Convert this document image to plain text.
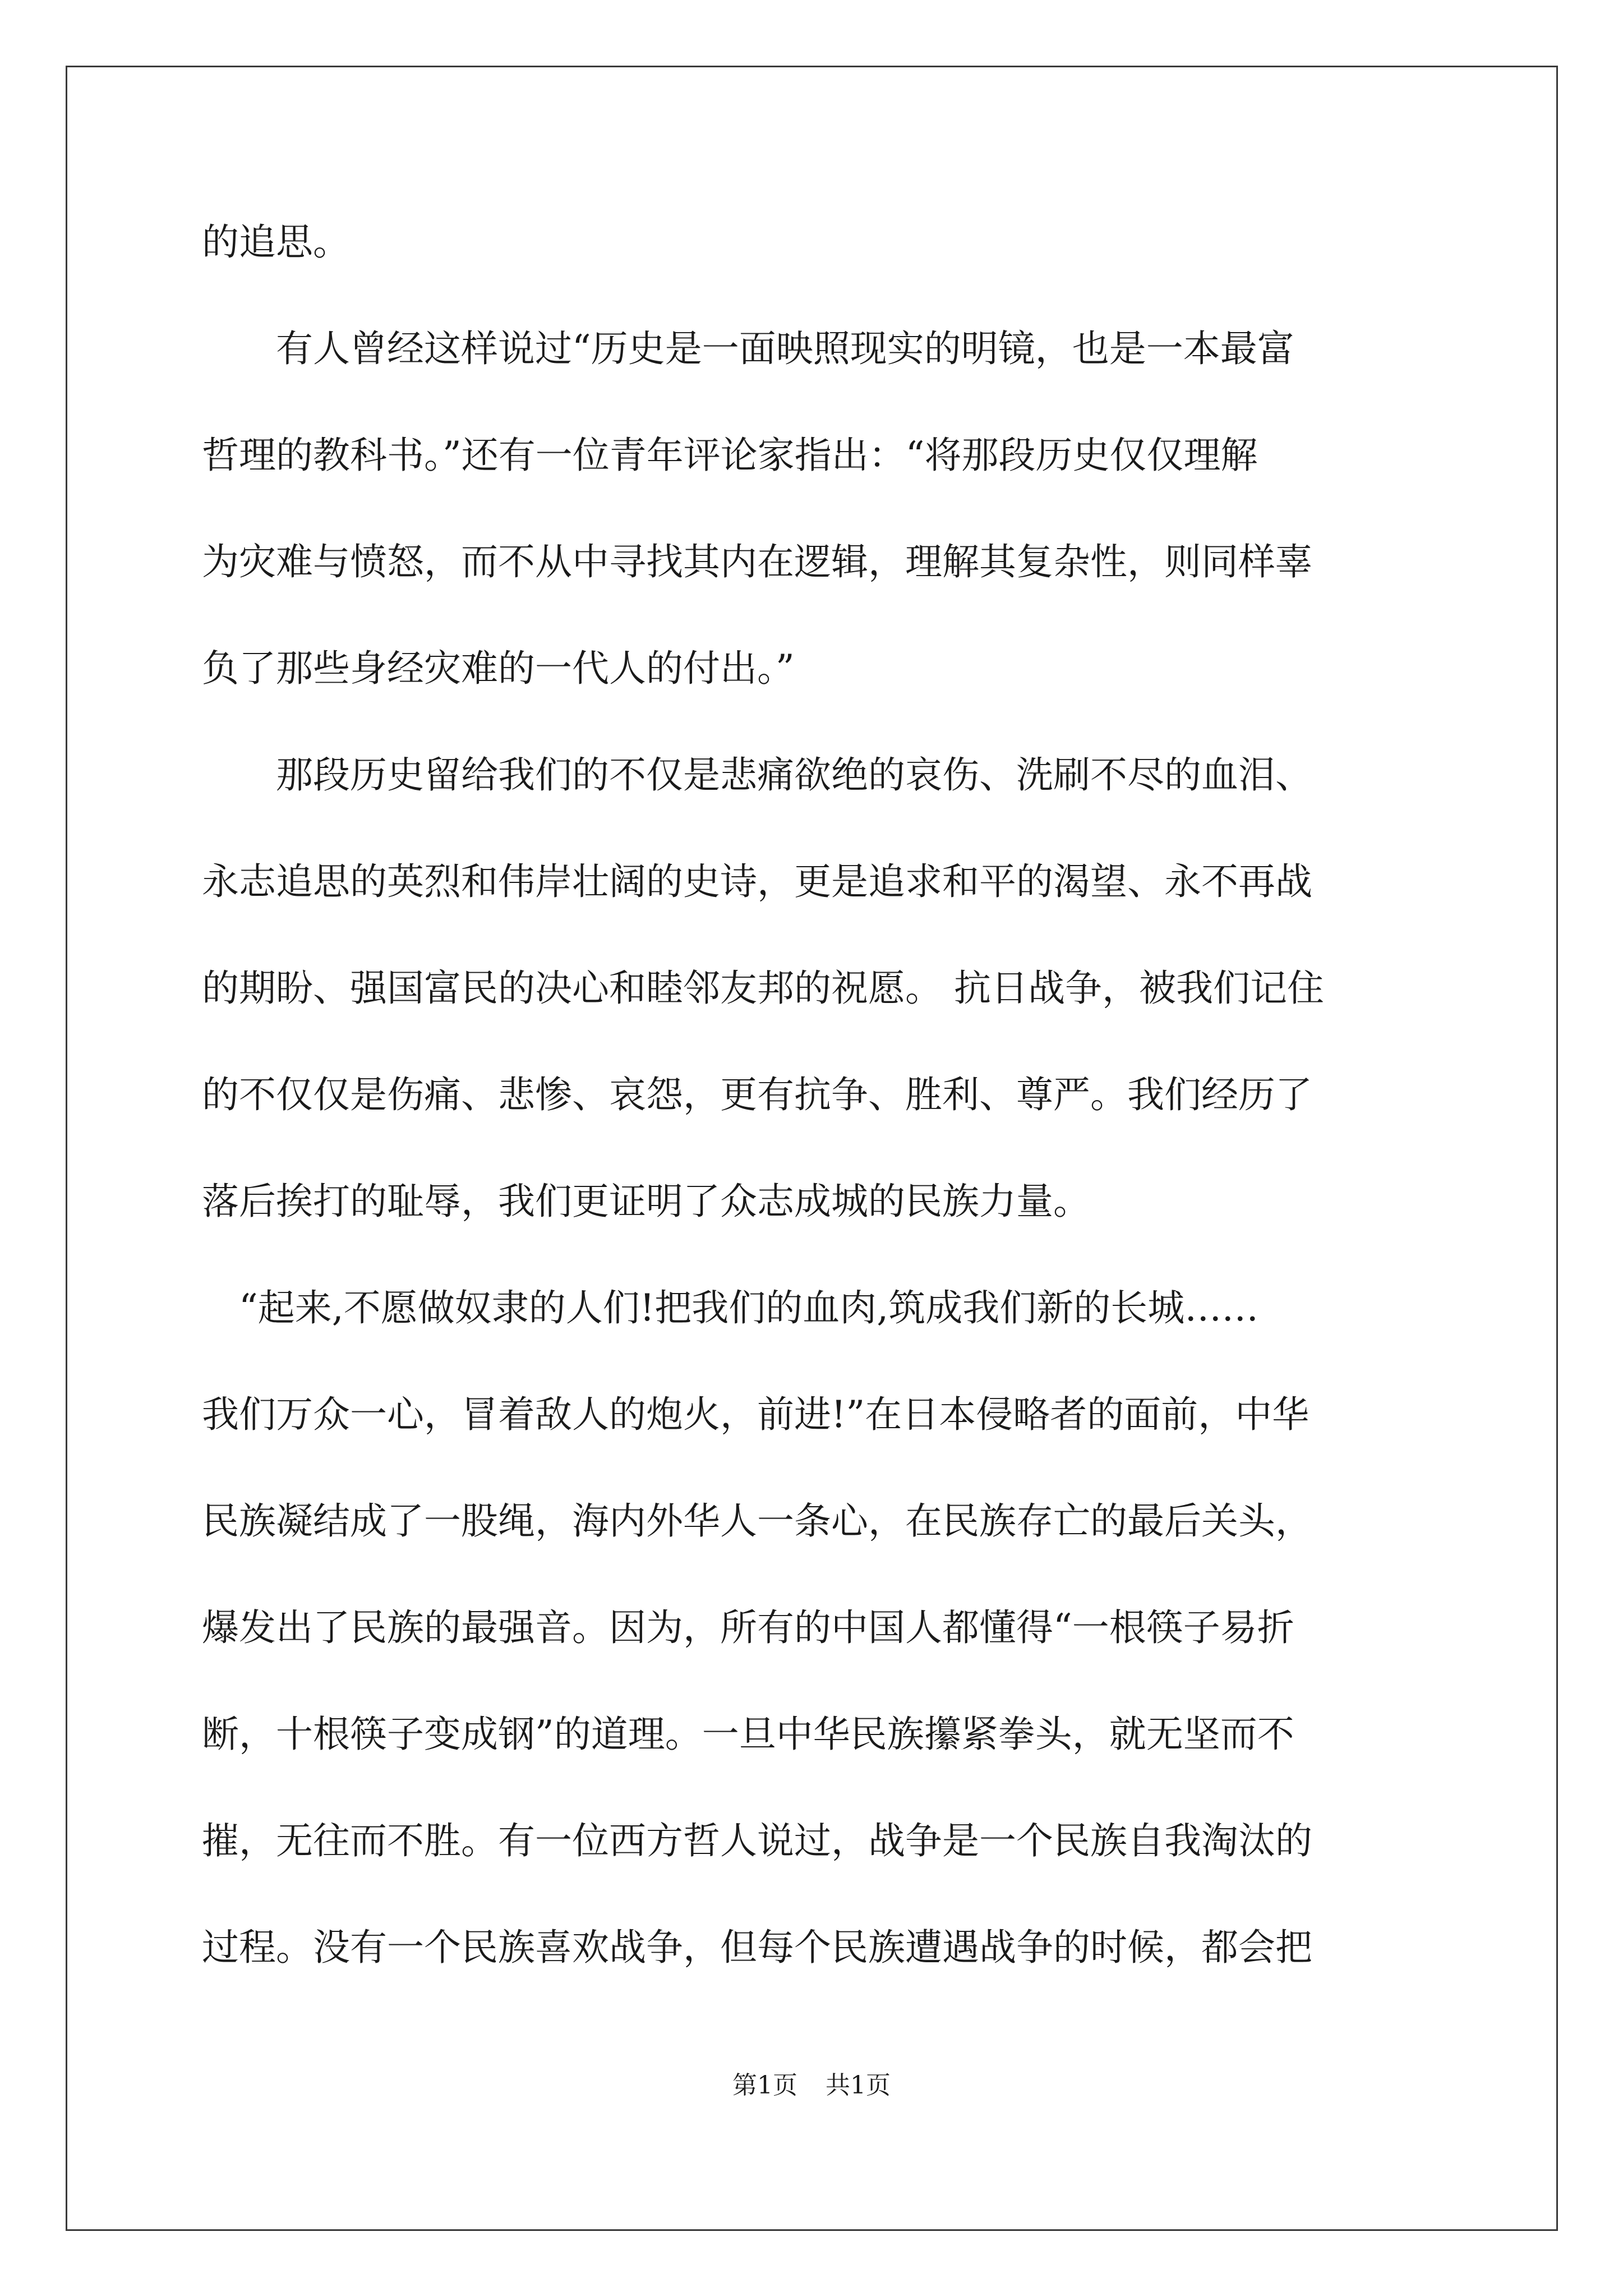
的追思。

　　有人曾经这样说过“历史是一面映照现实的明镜，也是一本最富

哲理的教科书。”还有一位青年评论家指出：“将那段历史仅仅理解

为灾难与愤怒，而不从中寻找其内在逻辑，理解其复杂性，则同样辜

负了那些身经灾难的一代人的付出。”

　　那段历史留给我们的不仅是悲痛欲绝的哀伤、洗刷不尽的血泪、

永志追思的英烈和伟岸壮阔的史诗，更是追求和平的渴望、永不再战

的期盼、强国富民的决心和睦邻友邦的祝愿。 抗日战争，被我们记住

的不仅仅是伤痛、悲惨、哀怨，更有抗争、胜利、尊严。我们经历了

落后挨打的耻辱，我们更证明了众志成城的民族力量。

　“起来,不愿做奴隶的人们!把我们的血肉,筑成我们新的长城……

我们万众一心，冒着敌人的炮火，前进!”在日本侵略者的面前，中华

民族凝结成了一股绳，海内外华人一条心，在民族存亡的最后关头，

爆发出了民族的最强音。因为，所有的中国人都懂得“一根筷子易折

断，十根筷子变成钢”的道理。一旦中华民族攥紧拳头，就无坚而不

摧，无往而不胜。有一位西方哲人说过，战争是一个民族自我淘汰的

过程。没有一个民族喜欢战争，但每个民族遭遇战争的时候，都会把

第1页 共1页
